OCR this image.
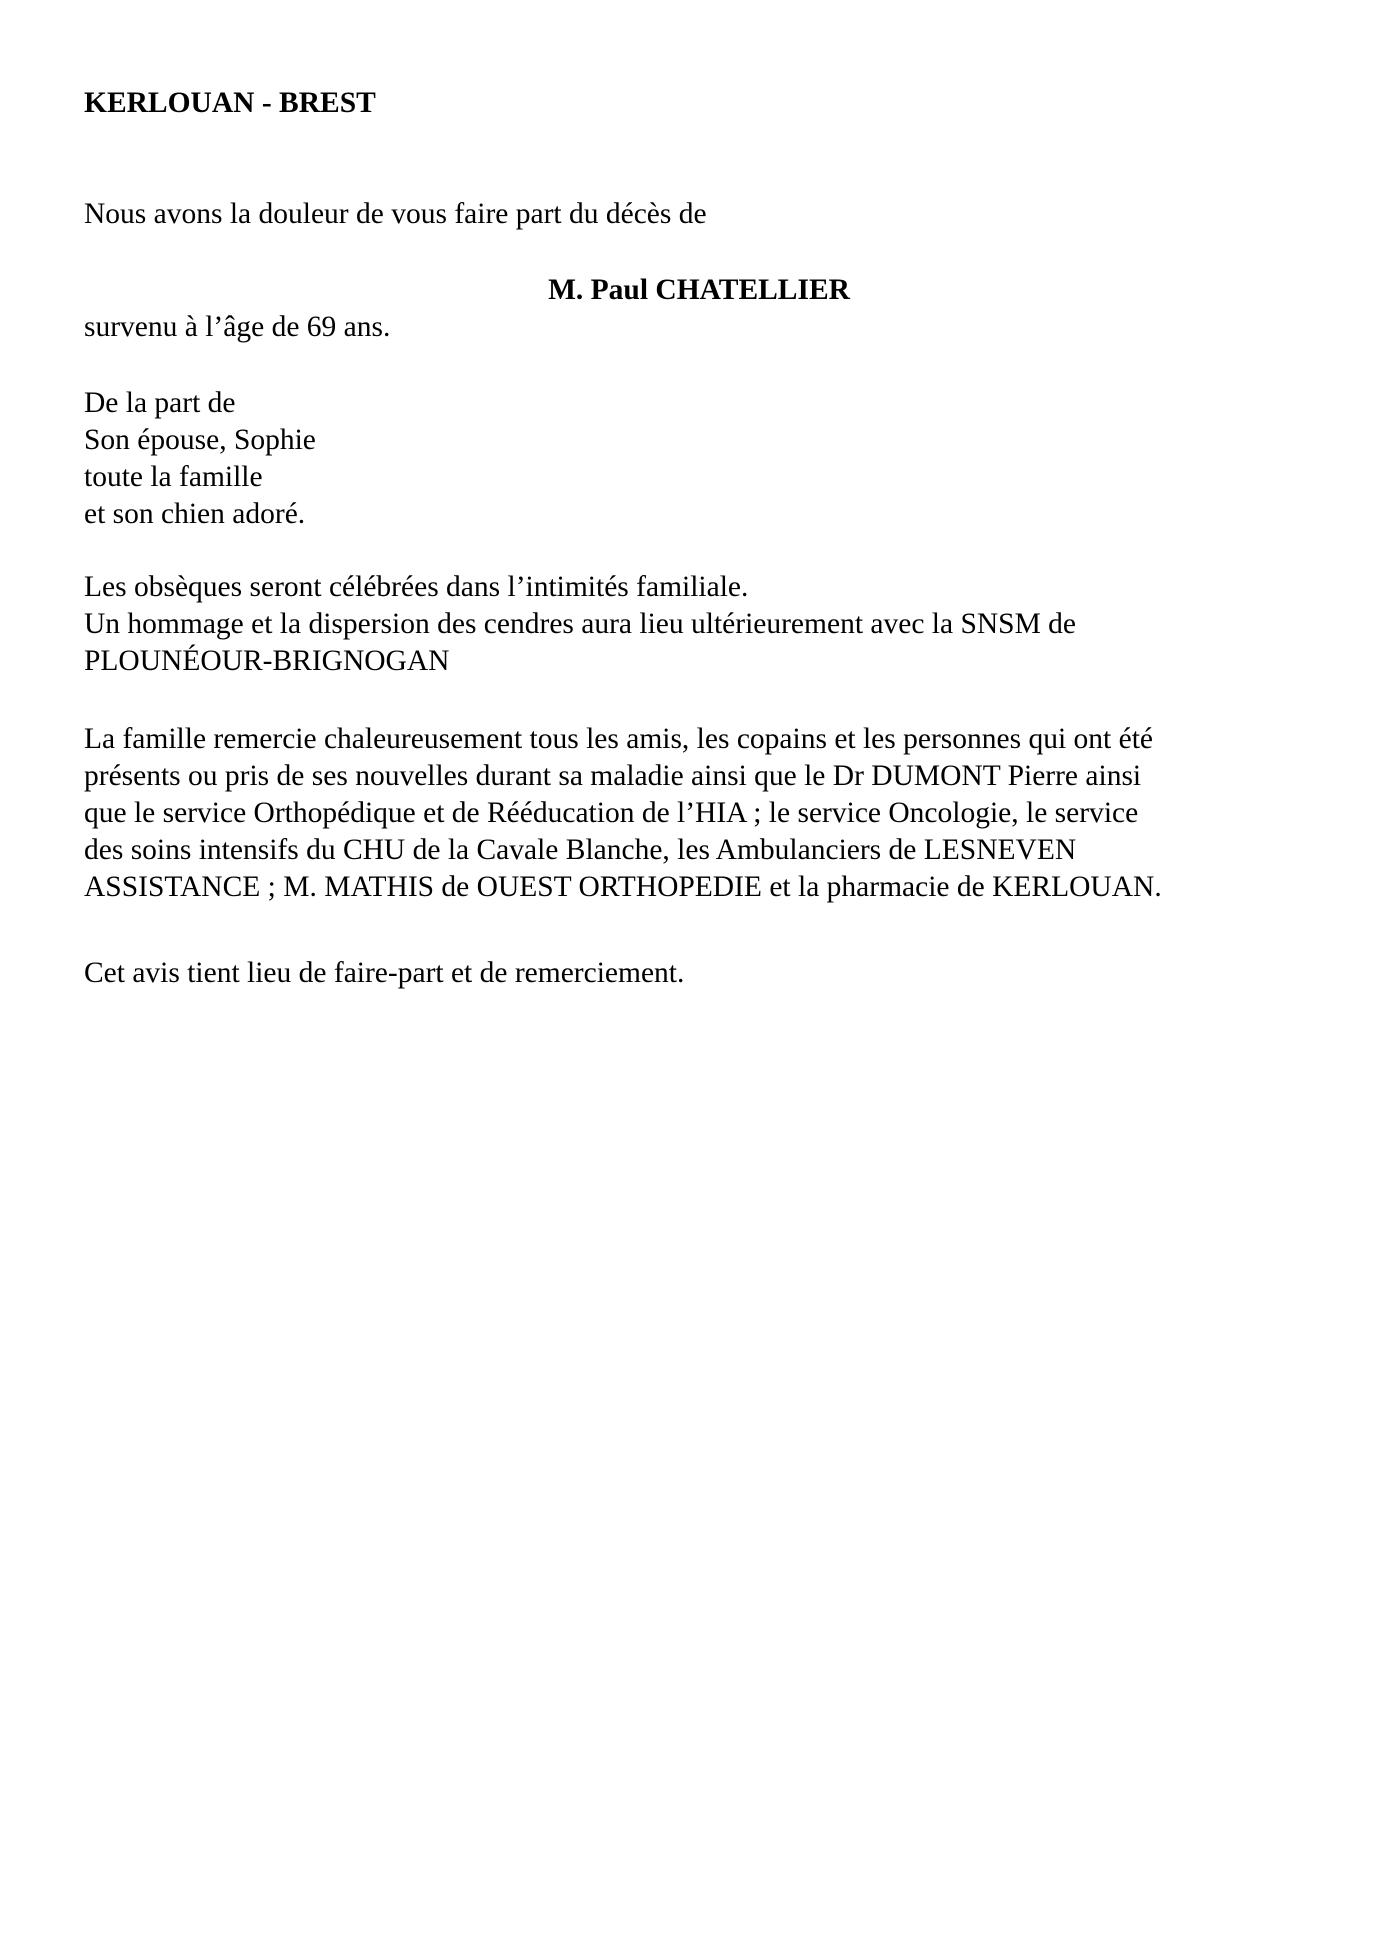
KERLOUAN - BREST

Nous avons la douleur de vous faire part du décès de

M. Paul CHATELLIER

survenu à l’âge de 69 ans.

De la part de
Son épouse, Sophie
toute la famille
et son chien adoré.
Les obsèques seront célébrées dans l’intimités familiale.
Un hommage et la dispersion des cendres aura lieu ultérieurement avec la SNSM de
PLOUNÉOUR-BRIGNOGAN
La famille remercie chaleureusement tous les amis, les copains et les personnes qui ont été
présents ou pris de ses nouvelles durant sa maladie ainsi que le Dr DUMONT Pierre ainsi
que le service Orthopédique et de Rééducation de l’HIA ; le service Oncologie, le service
des soins intensifs du CHU de la Cavale Blanche, les Ambulanciers de LESNEVEN
ASSISTANCE ; M. MATHIS de OUEST ORTHOPEDIE et la pharmacie de KERLOUAN.

Cet avis tient lieu de faire-part et de remerciement.
